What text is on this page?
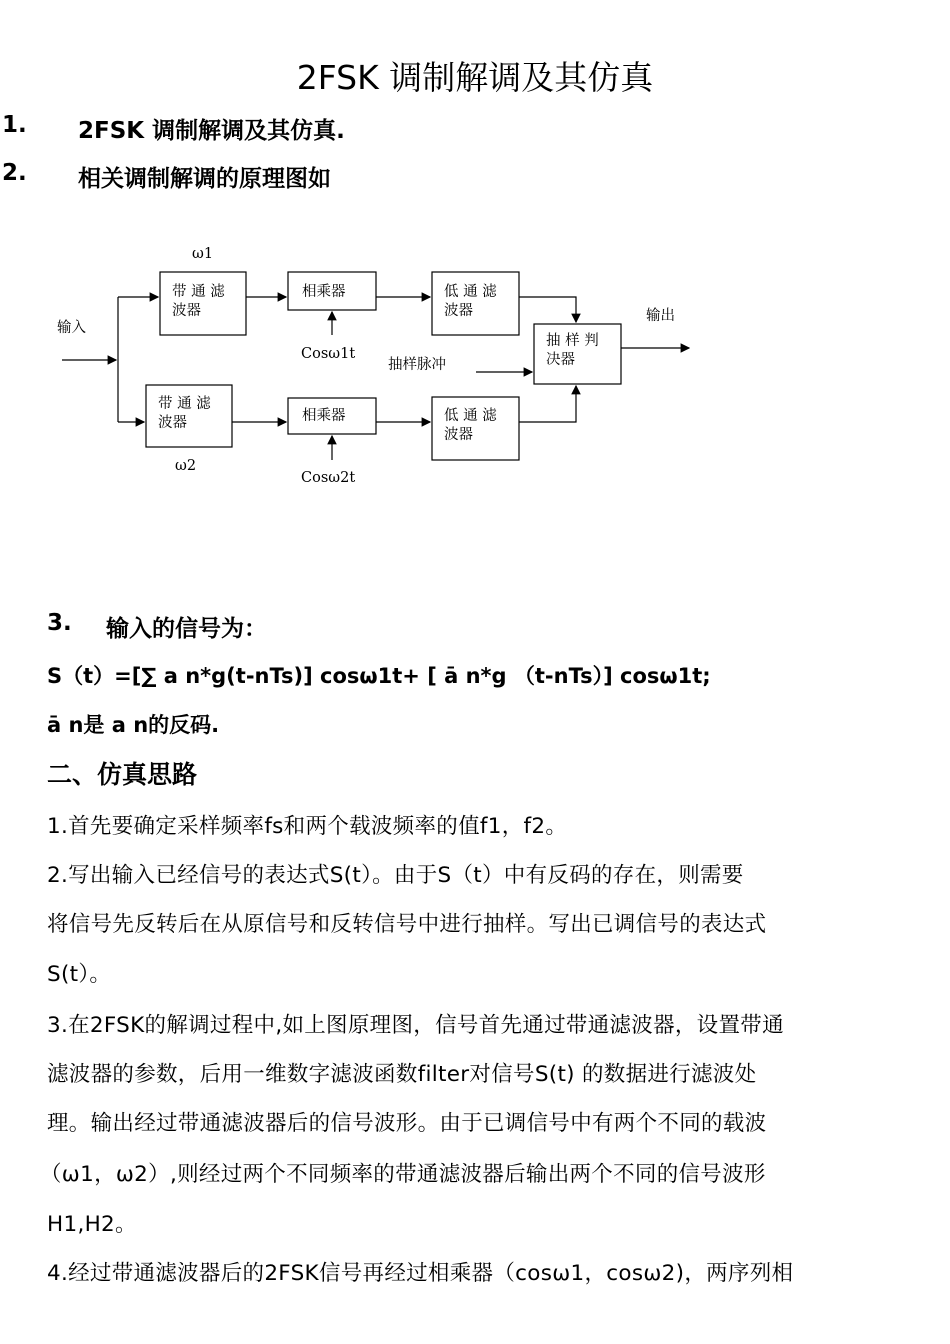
2FSK 调制解调及其仿真
1. 2FSK 调制解调及其仿真.
2. 相关调制解调的原理图如
输入
ω1
带 通 滤
波器
相乘器
Cosω1t
低 通 滤
波器
抽 样 判
决器
抽样脉冲
输出
带 通 滤
波器
ω2
相乘器
Cosω2t
低 通 滤
波器
3. 输入的信号为：
S（t）=[∑ a n*g(t-nTs)] cosω1t+ [ ā n*g （t-nTs）] cosω1t;
ā n是 a n的反码.
二、仿真思路
1.首先要确定采样频率fs和两个载波频率的值f1，f2。
2.写出输入已经信号的表达式S(t）。由于S（t）中有反码的存在，则需要
将信号先反转后在从原信号和反转信号中进行抽样。写出已调信号的表达式
S(t）。
3.在2FSK的解调过程中,如上图原理图，信号首先通过带通滤波器，设置带通
滤波器的参数，后用一维数字滤波函数filter对信号S(t) 的数据进行滤波处
理。输出经过带通滤波器后的信号波形。由于已调信号中有两个不同的载波
（ω1，ω2）,则经过两个不同频率的带通滤波器后输出两个不同的信号波形
H1,H2。
4.经过带通滤波器后的2FSK信号再经过相乘器（cosω1，cosω2)，两序列相
